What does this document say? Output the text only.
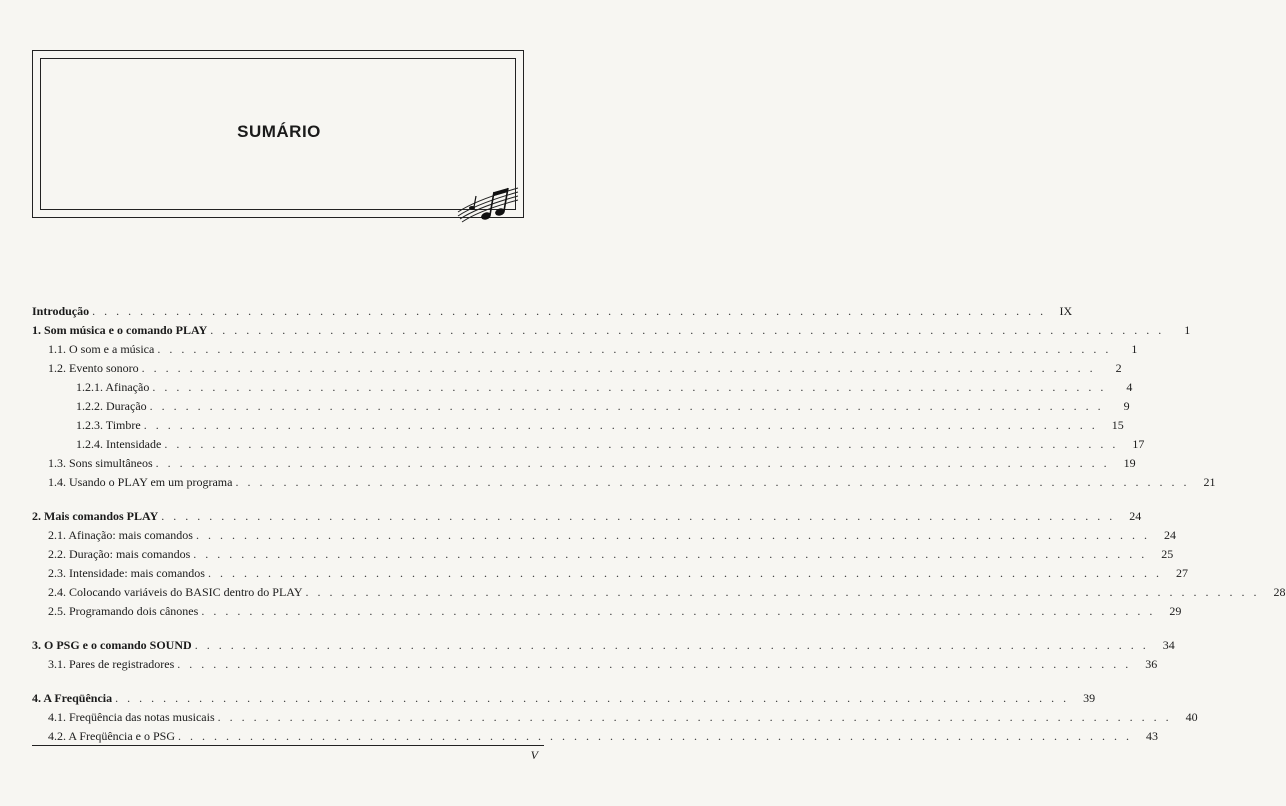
SUMÁRIO
Introdução . . . . . . . . . . . . . . . . . . . . . . . . . . . . . . . . . . . . . . . . . . . . . . . . . . . . . . . . . . . . . . . . . . . . . . . . . . . . . . . .	IX
1. Som música e o comando PLAY . . . . . . . . . . . . . . . . . . . . . . . . . . . . . . . . . . . . . . . . . . . . . . . . . . . . . . . . . . . . . . . . . . . . . . . . . . . . . . . .	1
1.1. O som e a música . . . . . . . . . . . . . . . . . . . . . . . . . . . . . . . . . . . . . . . . . . . . . . . . . . . . . . . . . . . . . . . . . . . . . . . . . . . . . . . .	1
1.2. Evento sonoro . . . . . . . . . . . . . . . . . . . . . . . . . . . . . . . . . . . . . . . . . . . . . . . . . . . . . . . . . . . . . . . . . . . . . . . . . . . . . . . .	2
1.2.1. Afinação . . . . . . . . . . . . . . . . . . . . . . . . . . . . . . . . . . . . . . . . . . . . . . . . . . . . . . . . . . . . . . . . . . . . . . . . . . . . . . . .	4
1.2.2. Duração . . . . . . . . . . . . . . . . . . . . . . . . . . . . . . . . . . . . . . . . . . . . . . . . . . . . . . . . . . . . . . . . . . . . . . . . . . . . . . . .	9
1.2.3. Timbre . . . . . . . . . . . . . . . . . . . . . . . . . . . . . . . . . . . . . . . . . . . . . . . . . . . . . . . . . . . . . . . . . . . . . . . . . . . . . . . .	15
1.2.4. Intensidade . . . . . . . . . . . . . . . . . . . . . . . . . . . . . . . . . . . . . . . . . . . . . . . . . . . . . . . . . . . . . . . . . . . . . . . . . . . . . . . .	17
1.3. Sons simultâneos . . . . . . . . . . . . . . . . . . . . . . . . . . . . . . . . . . . . . . . . . . . . . . . . . . . . . . . . . . . . . . . . . . . . . . . . . . . . . . . .	19
1.4. Usando o PLAY em um programa . . . . . . . . . . . . . . . . . . . . . . . . . . . . . . . . . . . . . . . . . . . . . . . . . . . . . . . . . . . . . . . . . . . . . . . . . . . . . . . .	21
2. Mais comandos PLAY . . . . . . . . . . . . . . . . . . . . . . . . . . . . . . . . . . . . . . . . . . . . . . . . . . . . . . . . . . . . . . . . . . . . . . . . . . . . . . . .	24
2.1. Afinação: mais comandos . . . . . . . . . . . . . . . . . . . . . . . . . . . . . . . . . . . . . . . . . . . . . . . . . . . . . . . . . . . . . . . . . . . . . . . . . . . . . . . .	24
2.2. Duração: mais comandos . . . . . . . . . . . . . . . . . . . . . . . . . . . . . . . . . . . . . . . . . . . . . . . . . . . . . . . . . . . . . . . . . . . . . . . . . . . . . . . .	25
2.3. Intensidade: mais comandos . . . . . . . . . . . . . . . . . . . . . . . . . . . . . . . . . . . . . . . . . . . . . . . . . . . . . . . . . . . . . . . . . . . . . . . . . . . . . . . .	27
2.4. Colocando variáveis do BASIC dentro do PLAY . . . . . . . . . . . . . . . . . . . . . . . . . . . . . . . . . . . . . . . . . . . . . . . . . . . . . . . . . . . . . . . . . . . . . . . . . . . . . . . .	28
2.5. Programando dois cânones . . . . . . . . . . . . . . . . . . . . . . . . . . . . . . . . . . . . . . . . . . . . . . . . . . . . . . . . . . . . . . . . . . . . . . . . . . . . . . . .	29
3. O PSG e o comando SOUND . . . . . . . . . . . . . . . . . . . . . . . . . . . . . . . . . . . . . . . . . . . . . . . . . . . . . . . . . . . . . . . . . . . . . . . . . . . . . . . .	34
3.1. Pares de registradores . . . . . . . . . . . . . . . . . . . . . . . . . . . . . . . . . . . . . . . . . . . . . . . . . . . . . . . . . . . . . . . . . . . . . . . . . . . . . . . .	36
4. A Freqüência . . . . . . . . . . . . . . . . . . . . . . . . . . . . . . . . . . . . . . . . . . . . . . . . . . . . . . . . . . . . . . . . . . . . . . . . . . . . . . . .	39
4.1. Freqüência das notas musicais . . . . . . . . . . . . . . . . . . . . . . . . . . . . . . . . . . . . . . . . . . . . . . . . . . . . . . . . . . . . . . . . . . . . . . . . . . . . . . . .	40
4.2. A Freqüência e o PSG . . . . . . . . . . . . . . . . . . . . . . . . . . . . . . . . . . . . . . . . . . . . . . . . . . . . . . . . . . . . . . . . . . . . . . . . . . . . . . . .	43
V
